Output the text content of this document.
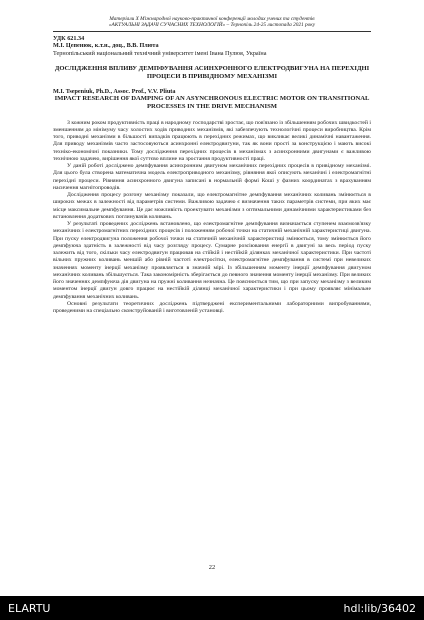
Матеріали Х Міжнародної науково-практичної конференції молодих учених та студентів
«АКТУАЛЬНІ ЗАДАЧІ СУЧАСНИХ ТЕХНОЛОГІЙ» – Тернопіль 24-25 листопада 2021 року
УДК 621.34
М.І. Цепенюк, к.т.н., доц., В.В. Плюта
Тернопільський національний технічний університет імені Івана Пулюя, Україна
ДОСЛІДЖЕННЯ ВПЛИВУ ДЕМПФУВАННЯ АСИНХРОННОГО ЕЛЕКТРОДВИГУНА НА ПЕРЕХІДНІ ПРОЦЕСИ В ПРИВІДНОМУ МЕХАНІЗМІ
M.I. Tsepeniuk, Ph.D., Assoc. Prof., V.V. Pliuta
IMPACT RESEARCH OF DAMPING OF AN ASYNCHRONOUS ELECTRIC MOTOR ON TRANSITIONAL PROCESSES IN THE DRIVE MECHANISM

З кожним роком продуктивність праці в народному господарстві зростає, що пов'язано із збільшенням робочих швидкостей і зменшенням до мінімуму часу холостих ходів приводних механізмів, які забезпечують технологічні процеси виробництва. Крім того, приводні механізми в більшості випадків працюють в перехідних режимах, що викликає великі динамічні навантаження. Для приводу механізмів часто застосовуються асинхронні електродвигуни, так як вони прості за конструкцією і мають високі техніко-економічні показники. Тому дослідження перехідних процесів в механізмах з асинхронними двигунами є важливою технічною задачею, вирішення якої суттєво вплине на зростання продуктивності праці.

У даній роботі досліджено демпфування асинхронним двигуном механічних перехідних процесів в привідному механізмі. Для цього була створена математична модель електроприводного механізму, рівняння якої описують механічні і електромагнітні перехідні процеси. Рівняння асинхронного двигуна записані в нормальній формі Коші у фазних координатах з врахуванням насичення магнітопроводів.

Дослідження процесу розгону механізму показали, що електромагнітне демпфування механічних коливань змінюється в широких межах в залежності від параметрів системи. Важливою задачею є визначення таких параметрів системи, при яких має місце максимальне демпфування. Це дає можливість проектувати механізми з оптимальними динамічними характеристиками без встановлення додаткових поглинувачів коливань.

У результаті проведених досліджень встановлено, що електромагнітне демпфування визначається ступенем взаємозв'язку механічних і електромагнітних перехідних процесів і положенням робочої точки на статичній механічній характеристиці двигуна. При пуску електродвигуна положення робочої точки на статичній механічній характеристиці змінюється, тому змінюється його демпфуюча здатність в залежності від часу розгляду процесу. Сумарне розсіювання енергії в двигуні за весь період пуску залежить від того, скільки часу електродвигун працював на стійкій і нестійкій ділянках механічної характеристики. При частоті вільних пружних коливань меншій або рівній частоті електросітки, електромагнітне демпфування в системі при невеликих значеннях моменту інерції механізму проявляється в значній мірі. Із збільшенням моменту інерції демпфування двигуном механічних коливань збільшується. Така закономірність зберігається до певного значення моменту інерції механізму. При великих його значеннях демпфуюча дія двигуна на пружні коливання незначна. Це пояснюється тим, що при запуску механізму з великим моментом інерції двигун довго працює на нестійкій ділянці механічної характеристики і при цьому проявляє мінімальне демпфування механічних коливань.

Основні результати теоретичних досліджень підтверджені експериментальними лабораторними випробуваннями, проведеними на спеціально сконструйованій і виготовленій установці.

22
ELARTU	hdl:lib/36402
